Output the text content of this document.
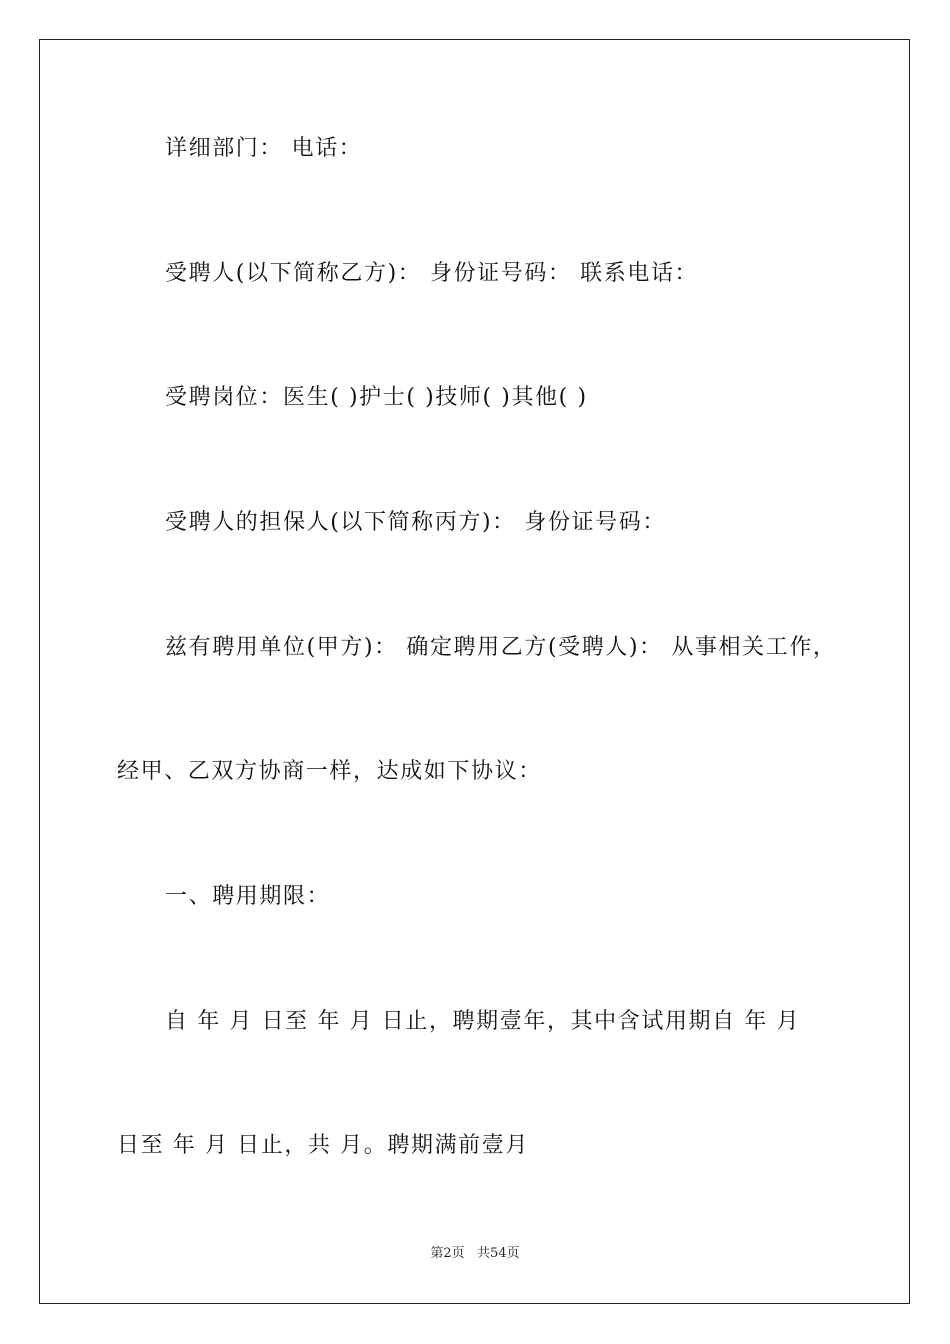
详细部门： 电话：
受聘人(以下简称乙方)： 身份证号码： 联系电话：
受聘岗位：医生( )护士( )技师( )其他( )
受聘人的担保人(以下简称丙方)： 身份证号码：
兹有聘用单位(甲方)： 确定聘用乙方(受聘人)： 从事相关工作，
经甲、乙双方协商一样，达成如下协议：
一、聘用期限：
自 年 月 日至 年 月 日止，聘期壹年，其中含试用期自 年 月
日至 年 月 日止，共 月。聘期满前壹月
第2页   共54页
